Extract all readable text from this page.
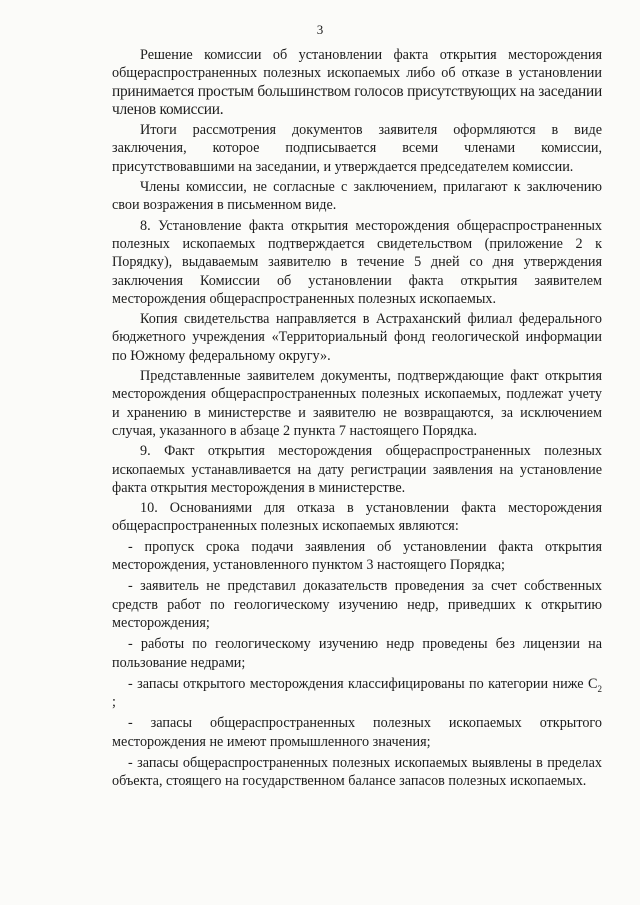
3

Решение комиссии об установлении факта открытия месторождения общераспространенных полезных ископаемых либо об отказе в установлении принимается простым большинством голосов присутствующих на заседании членов комиссии.

Итоги рассмотрения документов заявителя оформляются в виде заключения, которое подписывается всеми членами комиссии, присутствовавшими на заседании, и утверждается председателем комиссии.

Члены комиссии, не согласные с заключением, прилагают к заключению свои возражения в письменном виде.

8. Установление факта открытия месторождения общераспространенных полезных ископаемых подтверждается свидетельством (приложение 2 к Порядку), выдаваемым заявителю в течение 5 дней со дня утверждения заключения Комиссии об установлении факта открытия заявителем месторождения общераспространенных полезных ископаемых.

Копия свидетельства направляется в Астраханский филиал федерального бюджетного учреждения «Территориальный фонд геологической информации по Южному федеральному округу».

Представленные заявителем документы, подтверждающие факт открытия месторождения общераспространенных полезных ископаемых, подлежат учету и хранению в министерстве и заявителю не возвращаются, за исключением случая, указанного в абзаце 2 пункта 7 настоящего Порядка.

9. Факт открытия месторождения общераспространенных полезных ископаемых устанавливается на дату регистрации заявления на установление факта открытия месторождения в министерстве.

10. Основаниями для отказа в установлении факта месторождения общераспространенных полезных ископаемых являются:

- пропуск срока подачи заявления об установлении факта открытия месторождения, установленного пунктом 3 настоящего Порядка;

- заявитель не представил доказательств проведения за счет собственных средств работ по геологическому изучению недр, приведших к открытию месторождения;

- работы по геологическому изучению недр проведены без лицензии на пользование недрами;

- запасы открытого месторождения классифицированы по категории ниже $С_2$ ;

- запасы общераспространенных полезных ископаемых открытого месторождения не имеют промышленного значения;

- запасы общераспространенных полезных ископаемых выявлены в пределах объекта, стоящего на государственном балансе запасов полезных ископаемых.
